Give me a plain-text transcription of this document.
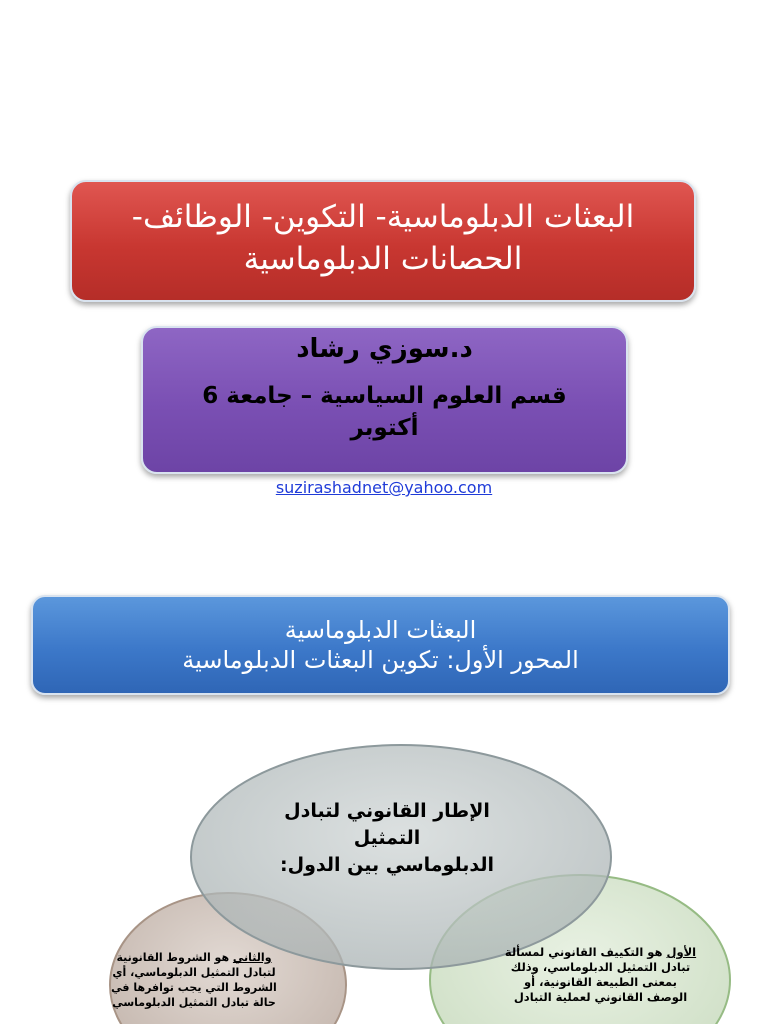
البعثات الدبلوماسية- التكوين- الوظائف-
الحصانات الدبلوماسية
د.سوزي رشاد
قسم العلوم السياسية – جامعة 6
أكتوبر
suzirashadnet@yahoo.com
البعثات الدبلوماسية
المحور الأول: تكوين البعثات الدبلوماسية
الإطار القانوني لتبادل التمثيل
الدبلوماسي بين الدول:
والثاني هو الشروط القانونية
لتبادل التمثيل الدبلوماسي، أي
الشروط التي يجب توافرها في
حالة تبادل التمثيل الدبلوماسي
الأول هو التكييف القانوني لمسألة
تبادل التمثيل الدبلوماسي، وذلك
بمعنى الطبيعة القانونية، أو
الوصف القانوني لعملية التبادل
